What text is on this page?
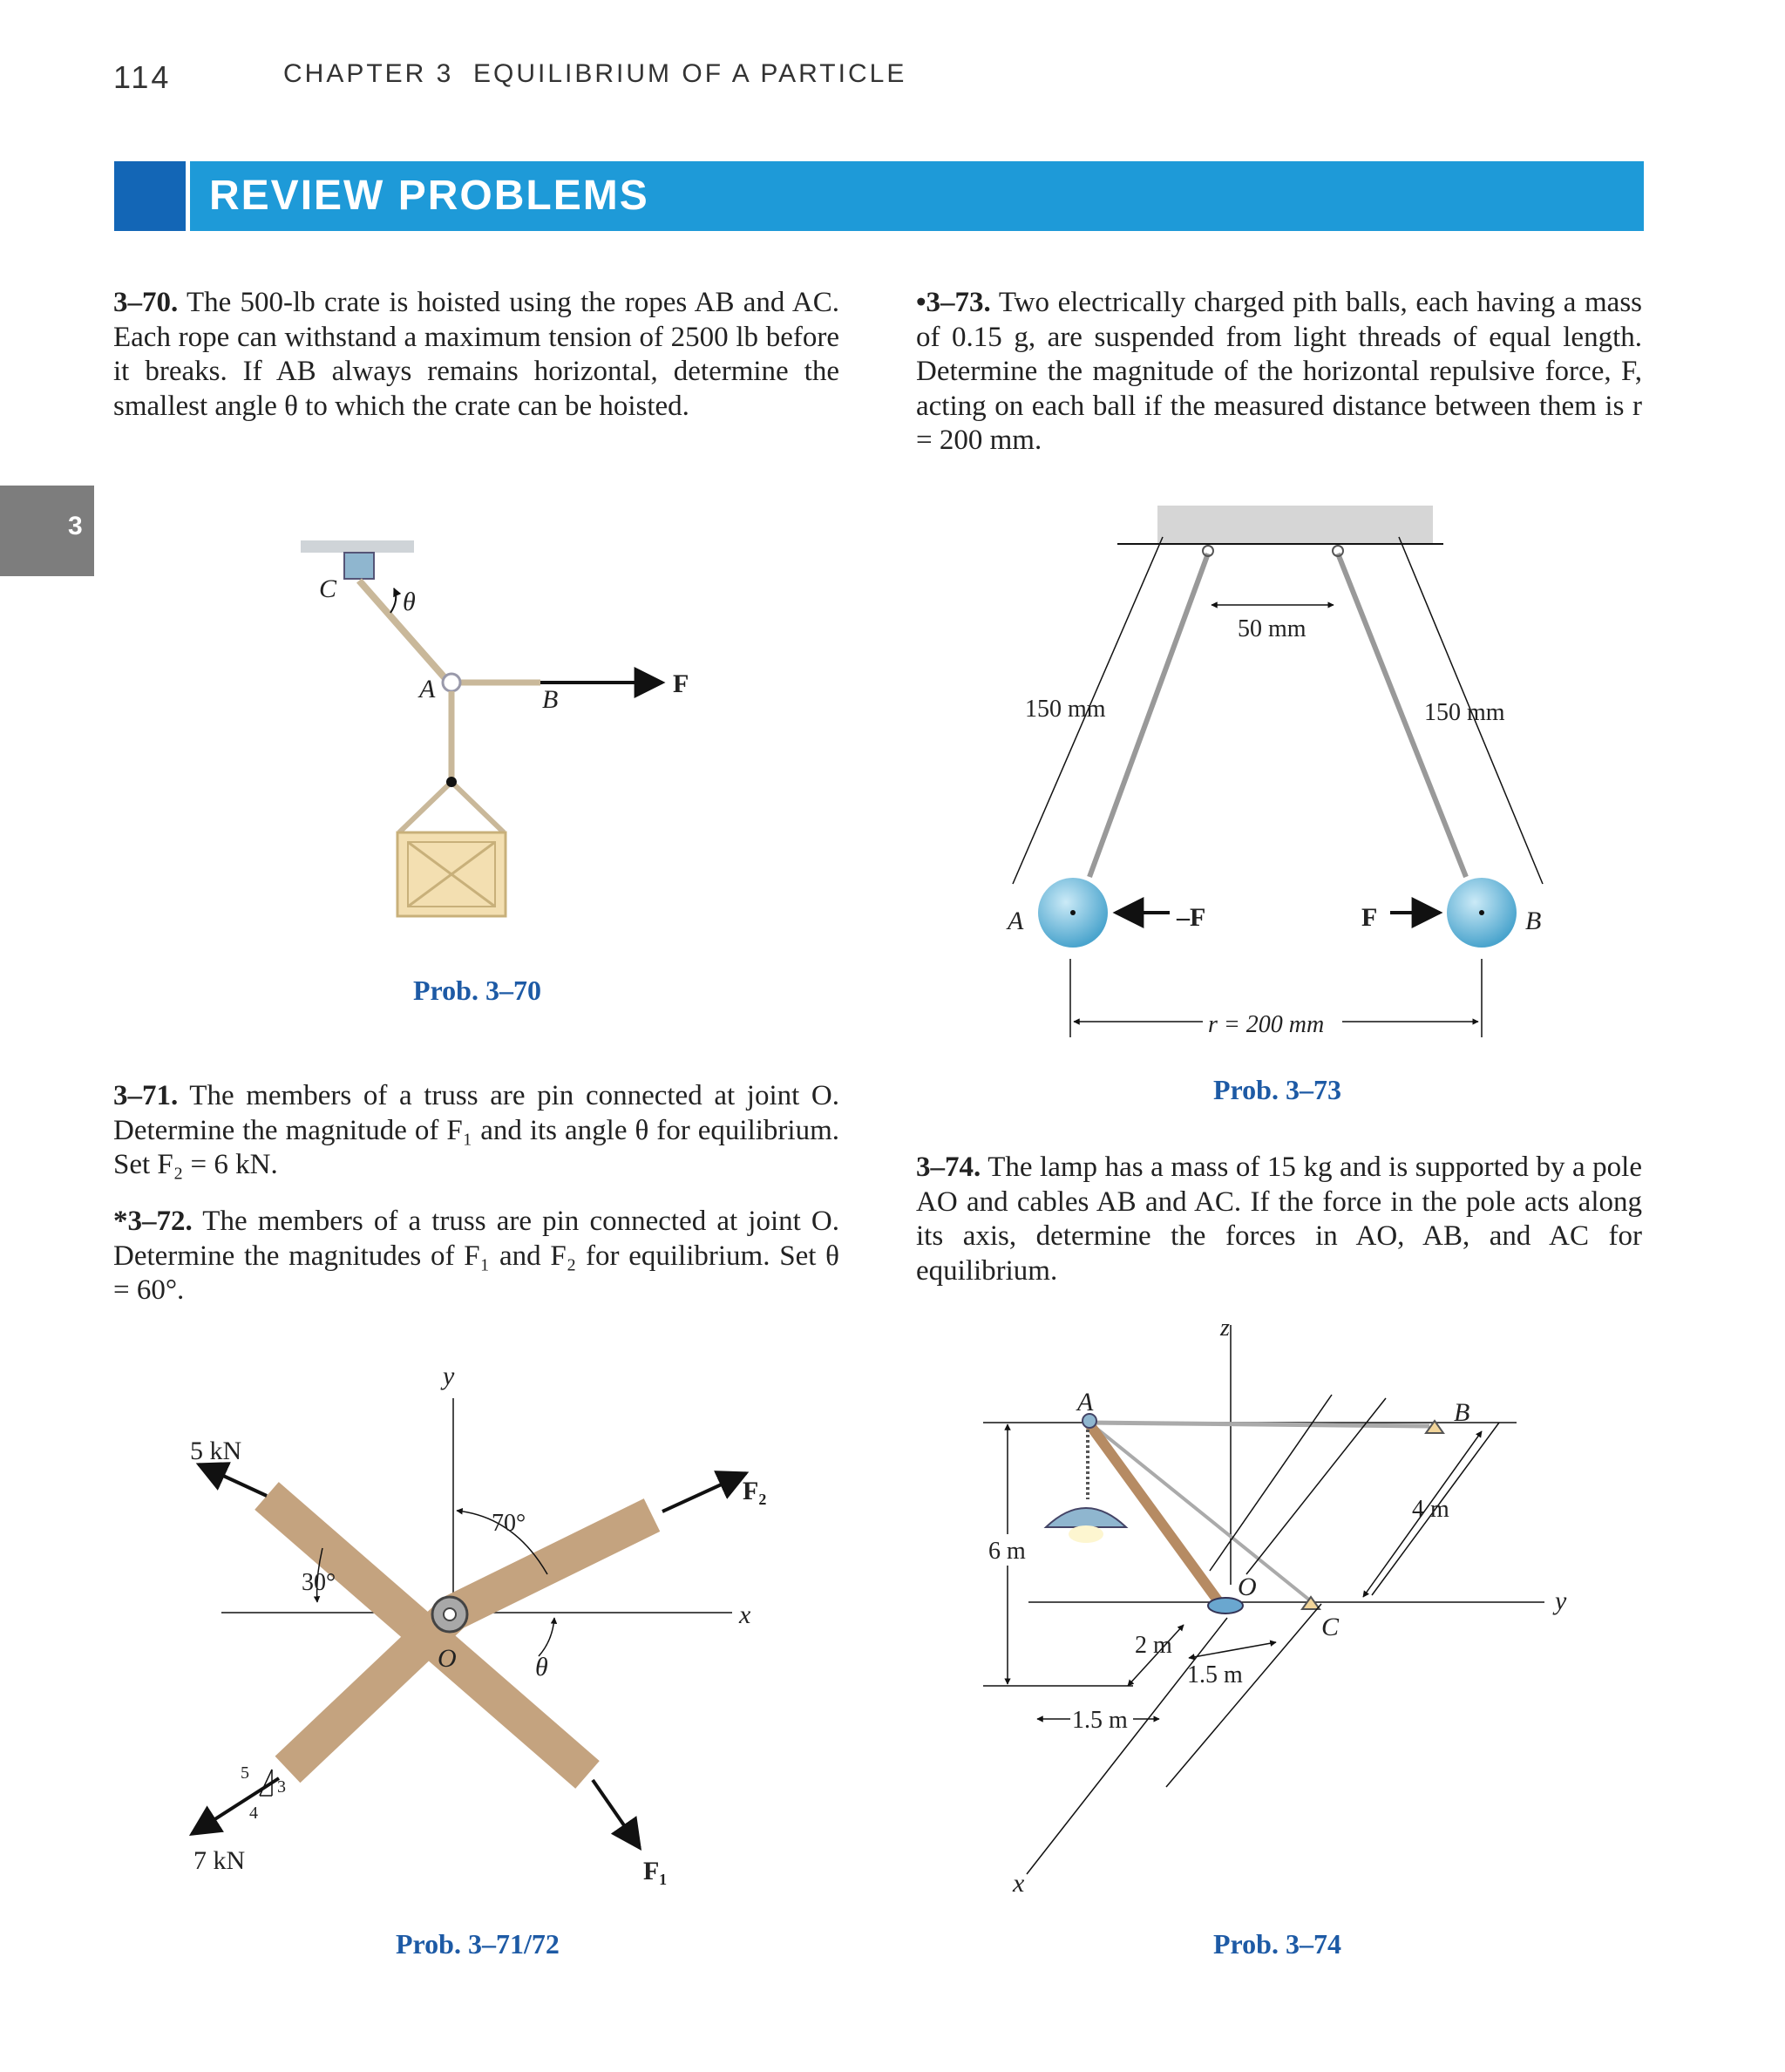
114	CHAPTER 3 EQUILIBRIUM OF A PARTICLE
REVIEW PROBLEMS
3
3–70. The 500-lb crate is hoisted using the ropes AB and AC. Each rope can withstand a maximum tension of 2500 lb before it breaks. If AB always remains horizontal, determine the smallest angle θ to which the crate can be hoisted.
•3–73. Two electrically charged pith balls, each having a mass of 0.15 g, are suspended from light threads of equal length. Determine the magnitude of the horizontal repulsive force, F, acting on each ball if the measured distance between them is r = 200 mm.
3–71. The members of a truss are pin connected at joint O. Determine the magnitude of F₁ and its angle θ for equilibrium. Set F₂ = 6 kN.
*3–72. The members of a truss are pin connected at joint O. Determine the magnitudes of F₁ and F₂ for equilibrium. Set θ = 60°.
3–74. The lamp has a mass of 15 kg and is supported by a pole AO and cables AB and AC. If the force in the pole acts along its axis, determine the forces in AO, AB, and AC for equilibrium.
Prob. 3–70
Prob. 3–73
Prob. 3–71/72	Prob. 3–74
C	θ
A	B
F
50 mm
150 mm	150 mm
A	B
–F	F
r = 200 mm
y
x
5 kN
7 kN
F₂
F₁
70°
30°
θ
O
5
3
4
z
A	B
O
C
y
x
6 m
4 m
2 m
1.5 m
1.5 m
